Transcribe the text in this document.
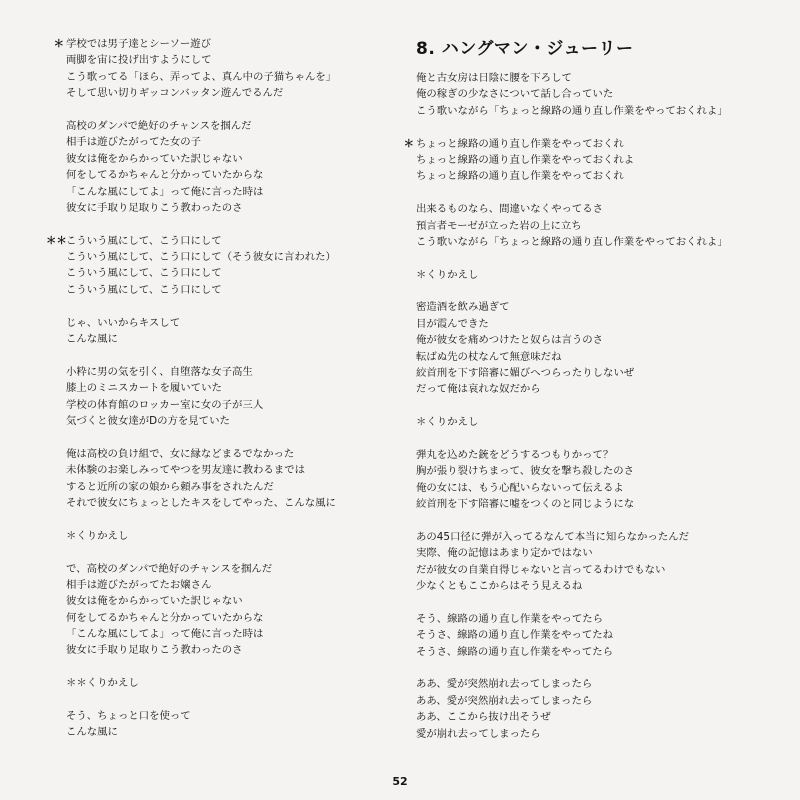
＊ 学校では男子達とシーソー遊び
両脚を宙に投げ出すようにして
こう歌ってる「ほら、弄ってよ、真ん中の子猫ちゃんを」
そして思い切りギッコンバッタン遊んでるんだ
高校のダンパで絶好のチャンスを掴んだ
相手は遊びたがってた女の子
彼女は俺をからかっていた訳じゃない
何をしてるかちゃんと分かっていたからな
「こんな風にしてよ」って俺に言った時は
彼女に手取り足取りこう教わったのさ
＊＊ こういう風にして、こう口にして
こういう風にして、こう口にして（そう彼女に言われた）
こういう風にして、こう口にして
こういう風にして、こう口にして
じゃ、いいからキスして
こんな風に
小粋に男の気を引く、自堕落な女子高生
膝上のミニスカートを履いていた
学校の体育館のロッカー室に女の子が三人
気づくと彼女達がDの方を見ていた
俺は高校の負け組で、女に縁などまるでなかった
未体験のお楽しみってやつを男友達に教わるまでは
すると近所の家の娘から頼み事をされたんだ
それで彼女にちょっとしたキスをしてやった、こんな風に
＊くりかえし
で、高校のダンパで絶好のチャンスを掴んだ
相手は遊びたがってたお嬢さん
彼女は俺をからかっていた訳じゃない
何をしてるかちゃんと分かっていたからな
「こんな風にしてよ」って俺に言った時は
彼女に手取り足取りこう教わったのさ
＊＊くりかえし
そう、ちょっと口を使って
こんな風に
8. ハングマン・ジューリー
俺と古女房は日陰に腰を下ろして
俺の稼ぎの少なさについて話し合っていた
こう歌いながら「ちょっと線路の通り直し作業をやっておくれよ」
＊ ちょっと線路の通り直し作業をやっておくれ
ちょっと線路の通り直し作業をやっておくれよ
ちょっと線路の通り直し作業をやっておくれ
出来るものなら、間違いなくやってるさ
預言者モーゼが立った岩の上に立ち
こう歌いながら「ちょっと線路の通り直し作業をやっておくれよ」
＊くりかえし
密造酒を飲み過ぎて
目が霞んできた
俺が彼女を痛めつけたと奴らは言うのさ
転ばぬ先の杖なんて無意味だね
絞首刑を下す陪審に媚びへつらったりしないぜ
だって俺は哀れな奴だから
＊くりかえし
弾丸を込めた銃をどうするつもりかって？
胸が張り裂けちまって、彼女を撃ち殺したのさ
俺の女には、もう心配いらないって伝えるよ
絞首刑を下す陪審に嘘をつくのと同じようにな
あの45口径に弾が入ってるなんて本当に知らなかったんだ
実際、俺の記憶はあまり定かではない
だが彼女の自業自得じゃないと言ってるわけでもない
少なくともここからはそう見えるね
そう、線路の通り直し作業をやってたら
そうさ、線路の通り直し作業をやってたね
そうさ、線路の通り直し作業をやってたら
ああ、愛が突然崩れ去ってしまったら
ああ、愛が突然崩れ去ってしまったら
ああ、ここから抜け出そうぜ
愛が崩れ去ってしまったら
52
